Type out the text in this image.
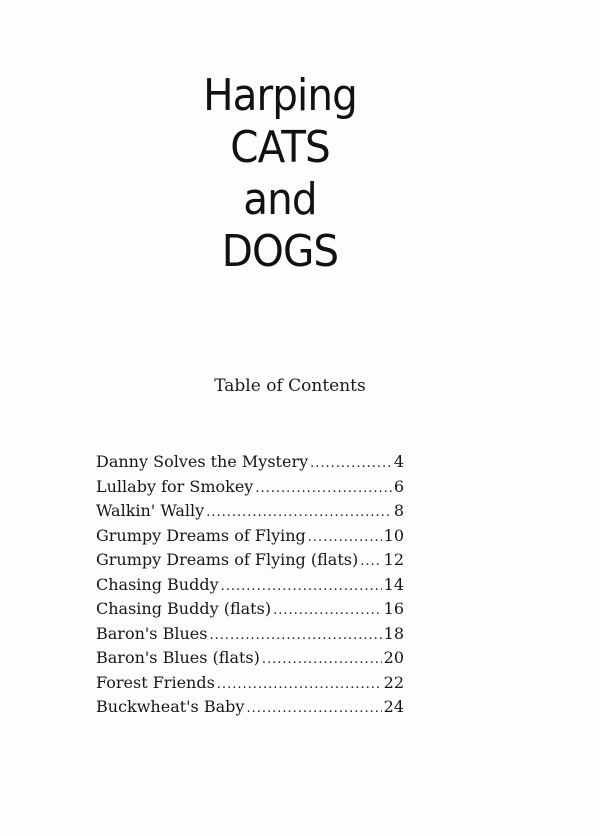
Harping
CATS
and
DOGS
Table of Contents
Danny Solves the Mystery .....	4
Lullaby for Smokey .....	6
Walkin' Wally .....	8
Grumpy Dreams of Flying .....	10
Grumpy Dreams of Flying (flats) ..... 12
Chasing Buddy .....	14
Chasing Buddy (flats) .....	16
Baron's Blues .....	18
Baron's Blues (flats) .....	20
Forest Friends .....	22
Buckwheat's Baby .....	24
